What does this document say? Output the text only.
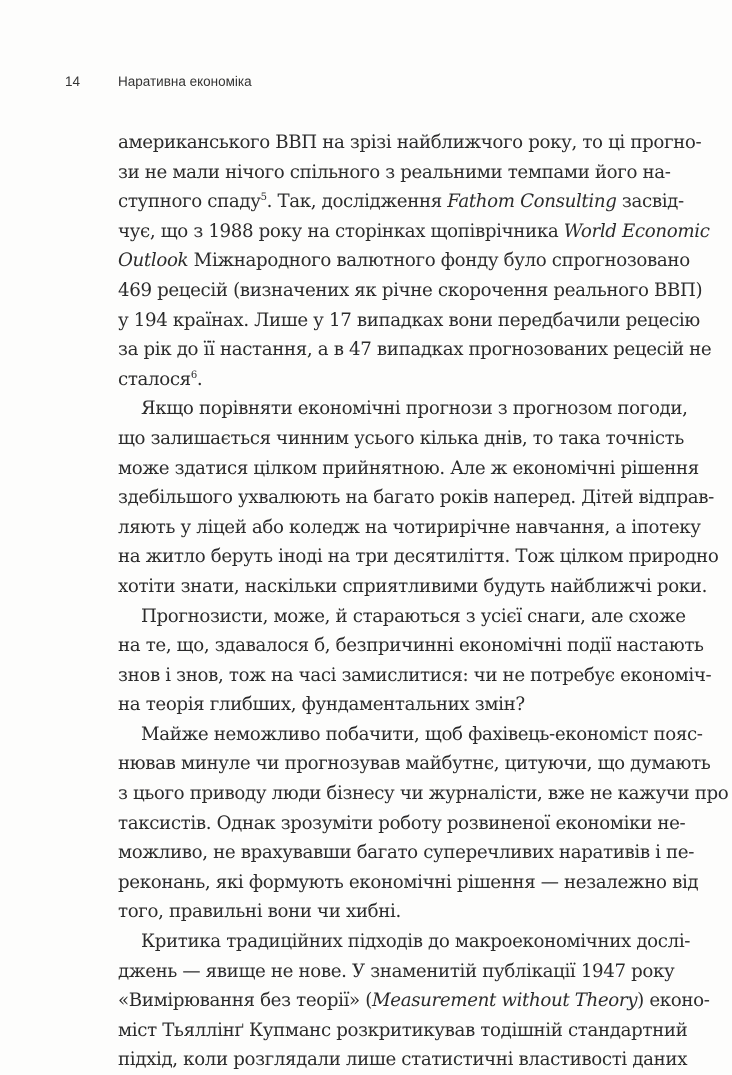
14	Наративна економіка
американського ВВП на зрізі найближчого року, то ці прогно-
зи не мали нічого спільного з реальними темпами його на-
ступного спаду$^5$. Так, дослідження Fathom Consulting засвід-
чує, що з 1988 року на сторінках щопіврічника World Economic
Outlook Міжнародного валютного фонду було спрогнозовано
469 рецесій (визначених як річне скорочення реального ВВП)
у 194 країнах. Лише у 17 випадках вони передбачили рецесію
за рік до її настання, а в 47 випадках прогнозованих рецесій не
сталося$^6$.
Якщо порівняти економічні прогнози з прогнозом погоди,
що залишається чинним усього кілька днів, то така точність
може здатися цілком прийнятною. Але ж економічні рішення
здебільшого ухвалюють на багато років наперед. Дітей відправ-
ляють у ліцей або коледж на чотирирічне навчання, а іпотеку
на житло беруть іноді на три десятиліття. Тож цілком природно
хотіти знати, наскільки сприятливими будуть найближчі роки.
Прогнозисти, може, й стараються з усієї снаги, але схоже
на те, що, здавалося б, безпричинні економічні події настають
знов і знов, тож на часі замислитися: чи не потребує економіч-
на теорія глибших, фундаментальних змін?
Майже неможливо побачити, щоб фахівець-економіст пояс-
нював минуле чи прогнозував майбутнє, цитуючи, що думають
з цього приводу люди бізнесу чи журналісти, вже не кажучи про
таксистів. Однак зрозуміти роботу розвиненої економіки не-
можливо, не врахувавши багато суперечливих наративів і пе-
реконань, які формують економічні рішення — незалежно від
того, правильні вони чи хибні.
Критика традиційних підходів до макроекономічних дослі-
джень — явище не нове. У знаменитій публікації 1947 року
«Вимірювання без теорії» (Measurement without Theory) еконо-
міст Тьяллінґ Купманс розкритикував тодішній стандартний
підхід, коли розглядали лише статистичні властивості даних
